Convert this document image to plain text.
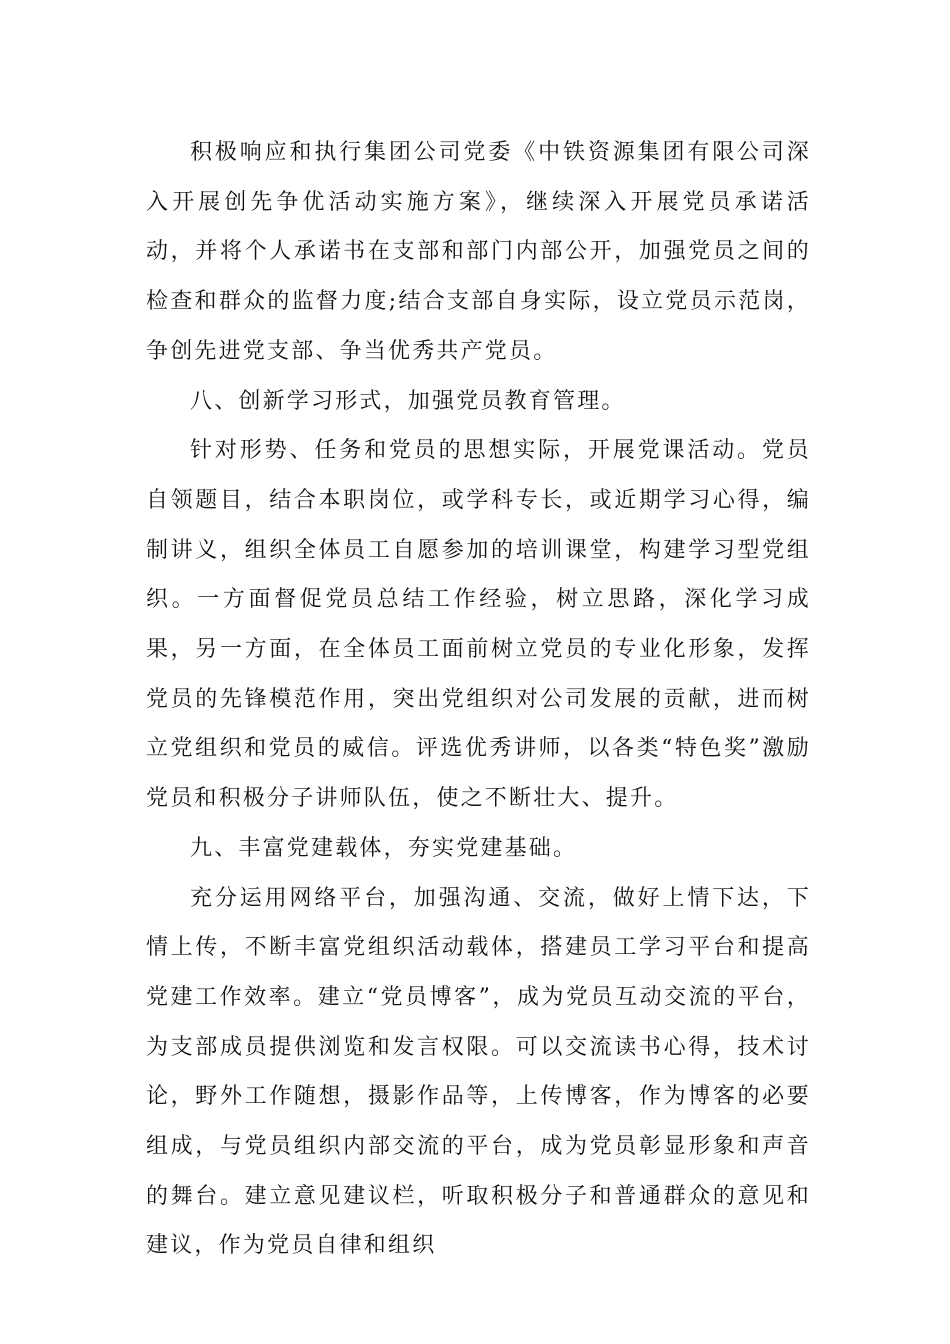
积极响应和执行集团公司党委《中铁资源集团有限公司深入开展创先争优活动实施方案》，继续深入开展党员承诺活动，并将个人承诺书在支部和部门内部公开，加强党员之间的检查和群众的监督力度;结合支部自身实际，设立党员示范岗，争创先进党支部、争当优秀共产党员。

八、创新学习形式，加强党员教育管理。

针对形势、任务和党员的思想实际，开展党课活动。党员自领题目，结合本职岗位，或学科专长，或近期学习心得，编制讲义，组织全体员工自愿参加的培训课堂，构建学习型党组织。一方面督促党员总结工作经验，树立思路，深化学习成果，另一方面，在全体员工面前树立党员的专业化形象，发挥党员的先锋模范作用，突出党组织对公司发展的贡献，进而树立党组织和党员的威信。评选优秀讲师，以各类“特色奖”激励党员和积极分子讲师队伍，使之不断壮大、提升。

九、丰富党建载体，夯实党建基础。

充分运用网络平台，加强沟通、交流，做好上情下达，下情上传，不断丰富党组织活动载体，搭建员工学习平台和提高党建工作效率。建立“党员博客”，成为党员互动交流的平台，为支部成员提供浏览和发言权限。可以交流读书心得，技术讨论，野外工作随想，摄影作品等，上传博客，作为博客的必要组成，与党员组织内部交流的平台，成为党员彰显形象和声音的舞台。建立意见建议栏，听取积极分子和普通群众的意见和建议，作为党员自律和组织
